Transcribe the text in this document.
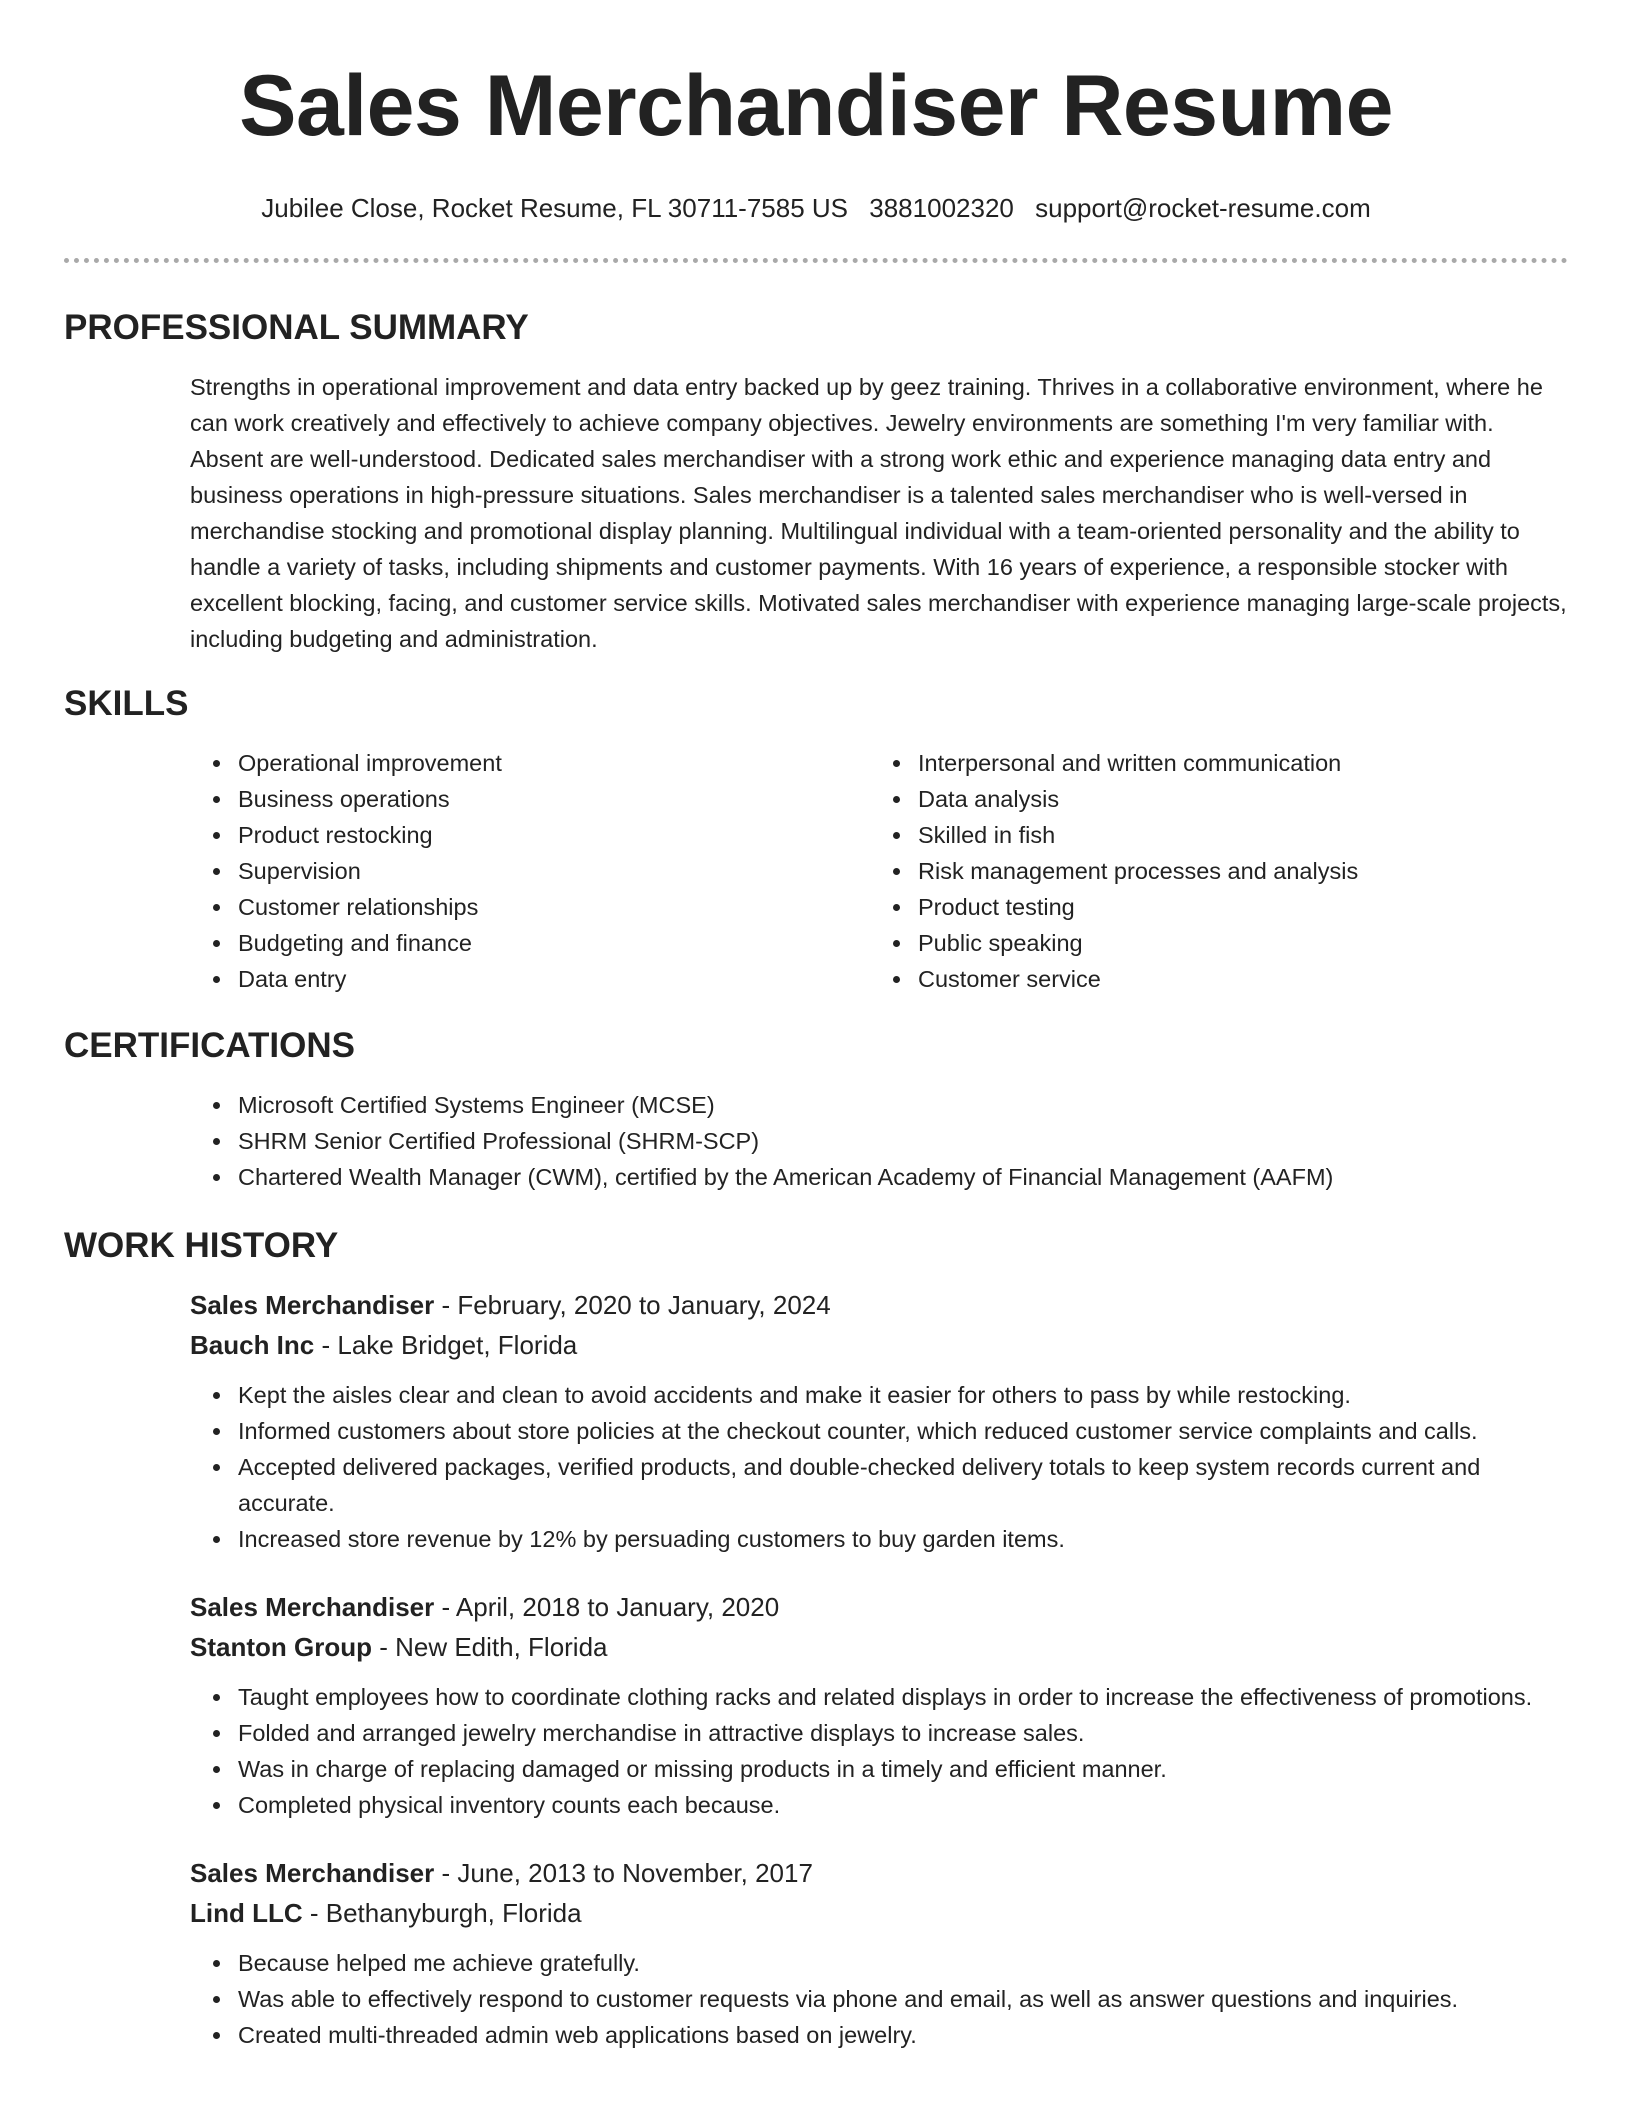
Sales Merchandiser Resume
Jubilee Close, Rocket Resume, FL 30711-7585 US 3881002320 support@rocket-resume.com
PROFESSIONAL SUMMARY

Strengths in operational improvement and data entry backed up by geez training. Thrives in a collaborative environment, where he can work creatively and effectively to achieve company objectives. Jewelry environments are something I'm very familiar with. Absent are well-understood. Dedicated sales merchandiser with a strong work ethic and experience managing data entry and business operations in high-pressure situations. Sales merchandiser is a talented sales merchandiser who is well-versed in merchandise stocking and promotional display planning. Multilingual individual with a team-oriented personality and the ability to handle a variety of tasks, including shipments and customer payments. With 16 years of experience, a responsible stocker with excellent blocking, facing, and customer service skills. Motivated sales merchandiser with experience managing large-scale projects, including budgeting and administration.

SKILLS
• Operational improvement
• Business operations
• Product restocking
• Supervision
• Customer relationships
• Budgeting and finance
• Data entry
• Interpersonal and written communication
• Data analysis
• Skilled in fish
• Risk management processes and analysis
• Product testing
• Public speaking
• Customer service
CERTIFICATIONS
• Microsoft Certified Systems Engineer (MCSE)
• SHRM Senior Certified Professional (SHRM-SCP)
• Chartered Wealth Manager (CWM), certified by the American Academy of Financial Management (AAFM)
WORK HISTORY
Sales Merchandiser - February, 2020 to January, 2024
Bauch Inc - Lake Bridget, Florida
• Kept the aisles clear and clean to avoid accidents and make it easier for others to pass by while restocking.
• Informed customers about store policies at the checkout counter, which reduced customer service complaints and calls.
• Accepted delivered packages, verified products, and double-checked delivery totals to keep system records current and accurate.
• Increased store revenue by 12% by persuading customers to buy garden items.
Sales Merchandiser - April, 2018 to January, 2020
Stanton Group - New Edith, Florida
• Taught employees how to coordinate clothing racks and related displays in order to increase the effectiveness of promotions.
• Folded and arranged jewelry merchandise in attractive displays to increase sales.
• Was in charge of replacing damaged or missing products in a timely and efficient manner.
• Completed physical inventory counts each because.
Sales Merchandiser - June, 2013 to November, 2017
Lind LLC - Bethanyburgh, Florida
• Because helped me achieve gratefully.
• Was able to effectively respond to customer requests via phone and email, as well as answer questions and inquiries.
• Created multi-threaded admin web applications based on jewelry.
